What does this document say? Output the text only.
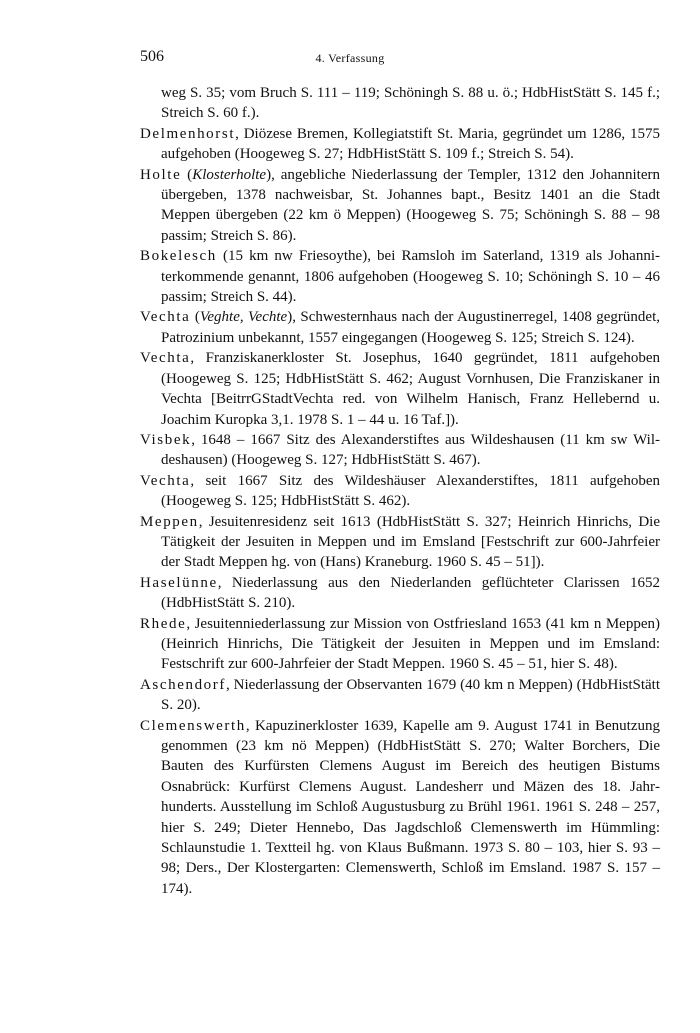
506	4. Verfassung

weg S. 35; vom Bruch S. 111 – 119; Schöningh S. 88 u. ö.; HdbHistStätt S. 145 f.; Streich S. 60 f.).

Delmenhorst, Diözese Bremen, Kollegiatstift St. Maria, gegründet um 1286, 1575 aufgehoben (Hoogeweg S. 27; HdbHistStätt S. 109 f.; Streich S. 54).

Holte (Klosterholte), angebliche Niederlassung der Templer, 1312 den Johannitern übergeben, 1378 nachweisbar, St. Johannes bapt., Besitz 1401 an die Stadt Meppen übergeben (22 km ö Meppen) (Hoogeweg S. 75; Schöningh S. 88 – 98 passim; Streich S. 86).

Bokelesch (15 km nw Friesoythe), bei Ramsloh im Saterland, 1319 als Johanniterkommende genannt, 1806 aufgehoben (Hoogeweg S. 10; Schöningh S. 10 – 46 passim; Streich S. 44).

Vechta (Veghte, Vechte), Schwesternhaus nach der Augustinerregel, 1408 gegründet, Patrozinium unbekannt, 1557 eingegangen (Hoogeweg S. 125; Streich S. 124).

Vechta, Franziskanerkloster St. Josephus, 1640 gegründet, 1811 aufgehoben (Hoogeweg S. 125; HdbHistStätt S. 462; August Vornhusen, Die Franziskaner in Vechta [BeitrrGStadtVechta red. von Wilhelm Hanisch, Franz Hellebernd u. Joachim Kuropka 3,1. 1978 S. 1 – 44 u. 16 Taf.]).

Visbek, 1648 – 1667 Sitz des Alexanderstiftes aus Wildeshausen (11 km sw Wildeshausen) (Hoogeweg S. 127; HdbHistStätt S. 467).

Vechta, seit 1667 Sitz des Wildeshäuser Alexanderstiftes, 1811 aufgehoben (Hoogeweg S. 125; HdbHistStätt S. 462).

Meppen, Jesuitenresidenz seit 1613 (HdbHistStätt S. 327; Heinrich Hinrichs, Die Tätigkeit der Jesuiten in Meppen und im Emsland [Festschrift zur 600-Jahrfeier der Stadt Meppen hg. von (Hans) Kraneburg. 1960 S. 45 – 51]).

Haselünne, Niederlassung aus den Niederlanden geflüchteter Clarissen 1652 (HdbHistStätt S. 210).

Rhede, Jesuitenniederlassung zur Mission von Ostfriesland 1653 (41 km n Meppen) (Heinrich Hinrichs, Die Tätigkeit der Jesuiten in Meppen und im Emsland: Festschrift zur 600-Jahrfeier der Stadt Meppen. 1960 S. 45 – 51, hier S. 48).

Aschendorf, Niederlassung der Observanten 1679 (40 km n Meppen) (HdbHistStätt S. 20).

Clemenswerth, Kapuzinerkloster 1639, Kapelle am 9. August 1741 in Benutzung genommen (23 km nö Meppen) (HdbHistStätt S. 270; Walter Borchers, Die Bauten des Kurfürsten Clemens August im Bereich des heutigen Bistums Osnabrück: Kurfürst Clemens August. Landesherr und Mäzen des 18. Jahrhunderts. Ausstellung im Schloß Augustusburg zu Brühl 1961. 1961 S. 248 – 257, hier S. 249; Dieter Hennebo, Das Jagdschloß Clemenswerth im Hümmling: Schlaunstudie 1. Textteil hg. von Klaus Bußmann. 1973 S. 80 – 103, hier S. 93 – 98; Ders., Der Klostergarten: Clemenswerth, Schloß im Emsland. 1987 S. 157 – 174).
